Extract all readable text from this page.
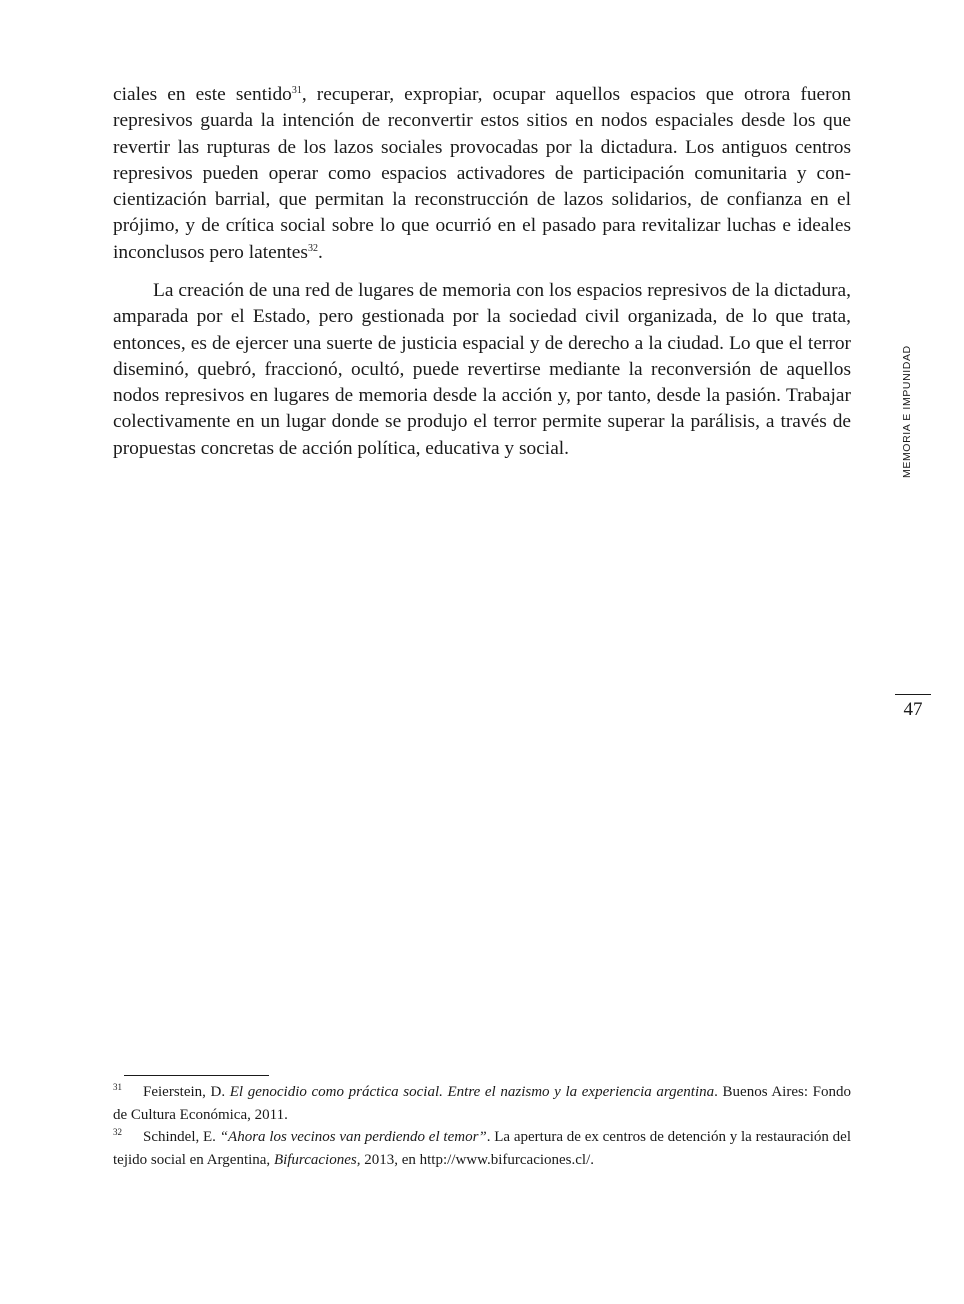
ciales en este sentido$^{31}$, recuperar, expropiar, ocupar aquellos espacios que otrora fueron represivos guarda la intención de reconvertir estos sitios en nodos espaciales desde los que revertir las rupturas de los lazos sociales provocadas por la dictadura. Los antiguos centros represivos pueden operar como espacios activadores de participación comunitaria y concientización barrial, que permitan la reconstrucción de lazos solidarios, de confianza en el prójimo, y de crítica social sobre lo que ocurrió en el pasado para revitalizar luchas e ideales inconclusos pero latentes$^{32}$.

La creación de una red de lugares de memoria con los espacios represivos de la dictadura, amparada por el Estado, pero gestionada por la sociedad civil organizada, de lo que trata, entonces, es de ejercer una suerte de justicia espacial y de derecho a la ciudad. Lo que el terror diseminó, quebró, fraccionó, ocultó, puede revertirse mediante la reconversión de aquellos nodos represivos en lugares de memoria desde la acción y, por tanto, desde la pasión. Trabajar colectivamente en un lugar donde se produjo el terror permite superar la parálisis, a través de propuestas concretas de acción política, educativa y social.	MEMORIA E IMPUNIDAD
47

31 Feierstein, D. El genocidio como práctica social. Entre el nazismo y la experiencia argentina. Buenos Aires: Fondo de Cultura Económica, 2011.

32 Schindel, E. “Ahora los vecinos van perdiendo el temor”. La apertura de ex centros de detención y la restauración del tejido social en Argentina, Bifurcaciones, 2013, en http://www.bifurcaciones.cl/.
